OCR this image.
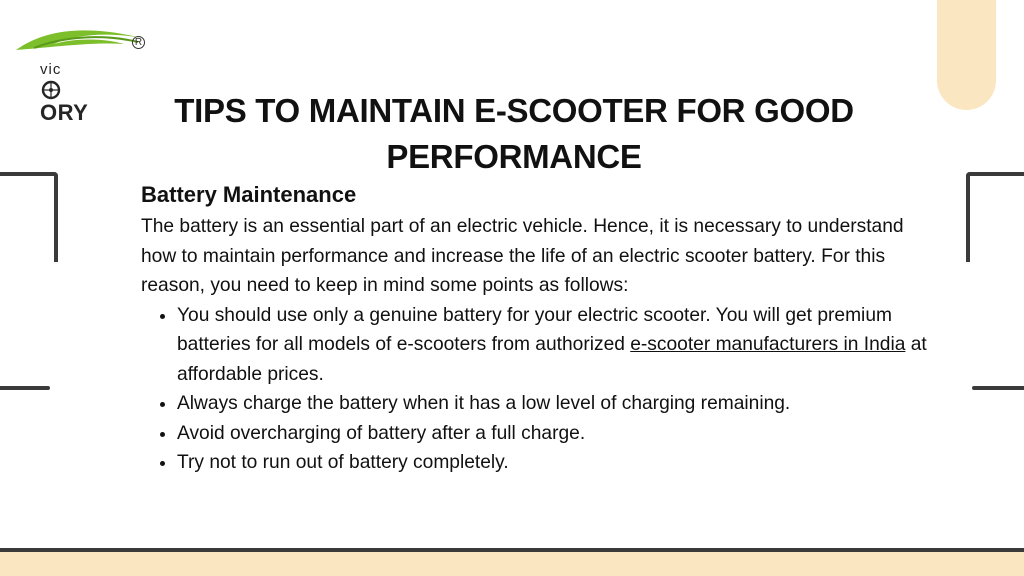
vic
ORY
R
TIPS TO MAINTAIN E-SCOOTER FOR GOOD PERFORMANCE
Battery Maintenance

The battery is an essential part of an electric vehicle. Hence, it is necessary to understand how to maintain performance and increase the life of an electric scooter battery. For this reason, you need to keep in mind some points as follows:

• You should use only a genuine battery for your electric scooter. You will get premium batteries for all models of e-scooters from authorized e-scooter manufacturers in India at affordable prices.
• Always charge the battery when it has a low level of charging remaining.
• Avoid overcharging of battery after a full charge.
• Try not to run out of battery completely.
